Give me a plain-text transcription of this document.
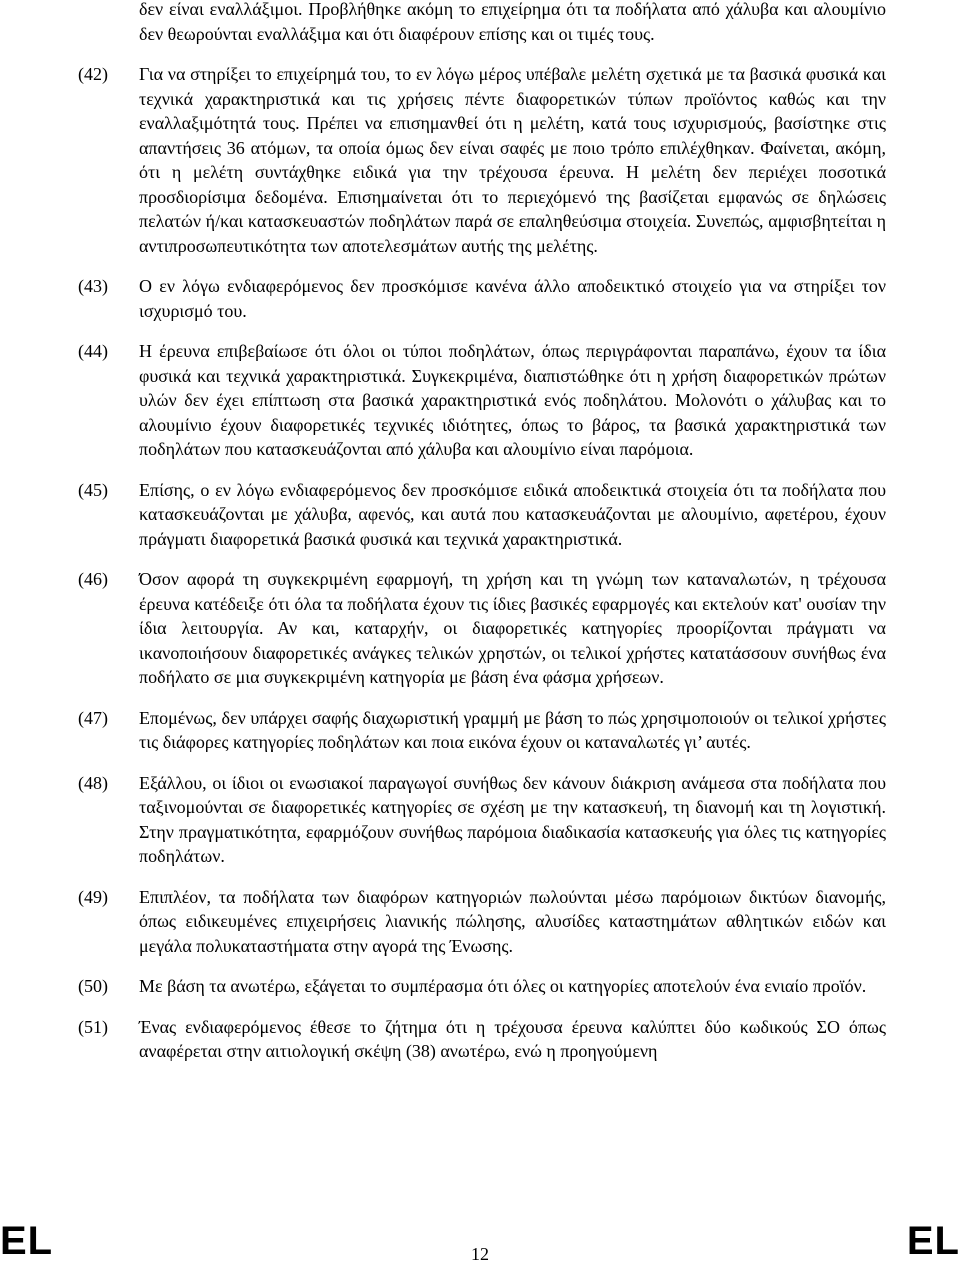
δεν είναι εναλλάξιμοι. Προβλήθηκε ακόμη το επιχείρημα ότι τα ποδήλατα από χάλυβα και αλουμίνιο δεν θεωρούνται εναλλάξιμα και ότι διαφέρουν επίσης και οι τιμές τους.
(42)	Για να στηρίξει το επιχείρημά του, το εν λόγω μέρος υπέβαλε μελέτη σχετικά με τα βασικά φυσικά και τεχνικά χαρακτηριστικά και τις χρήσεις πέντε διαφορετικών τύπων προϊόντος καθώς και την εναλλαξιμότητά τους. Πρέπει να επισημανθεί ότι η μελέτη, κατά τους ισχυρισμούς, βασίστηκε στις απαντήσεις 36 ατόμων, τα οποία όμως δεν είναι σαφές με ποιο τρόπο επιλέχθηκαν. Φαίνεται, ακόμη, ότι η μελέτη συντάχθηκε ειδικά για την τρέχουσα έρευνα. Η μελέτη δεν περιέχει ποσοτικά προσδιορίσιμα δεδομένα. Επισημαίνεται ότι το περιεχόμενό της βασίζεται εμφανώς σε δηλώσεις πελατών ή/και κατασκευαστών ποδηλάτων παρά σε επαληθεύσιμα στοιχεία. Συνεπώς, αμφισβητείται η αντιπροσωπευτικότητα των αποτελεσμάτων αυτής της μελέτης.
(43)	Ο εν λόγω ενδιαφερόμενος δεν προσκόμισε κανένα άλλο αποδεικτικό στοιχείο για να στηρίξει τον ισχυρισμό του.
(44)	Η έρευνα επιβεβαίωσε ότι όλοι οι τύποι ποδηλάτων, όπως περιγράφονται παραπάνω, έχουν τα ίδια φυσικά και τεχνικά χαρακτηριστικά. Συγκεκριμένα, διαπιστώθηκε ότι η χρήση διαφορετικών πρώτων υλών δεν έχει επίπτωση στα βασικά χαρακτηριστικά ενός ποδηλάτου. Μολονότι ο χάλυβας και το αλουμίνιο έχουν διαφορετικές τεχνικές ιδιότητες, όπως το βάρος, τα βασικά χαρακτηριστικά των ποδηλάτων που κατασκευάζονται από χάλυβα και αλουμίνιο είναι παρόμοια.
(45)	Επίσης, ο εν λόγω ενδιαφερόμενος δεν προσκόμισε ειδικά αποδεικτικά στοιχεία ότι τα ποδήλατα που κατασκευάζονται με χάλυβα, αφενός, και αυτά που κατασκευάζονται με αλουμίνιο, αφετέρου, έχουν πράγματι διαφορετικά βασικά φυσικά και τεχνικά χαρακτηριστικά.
(46)	Όσον αφορά τη συγκεκριμένη εφαρμογή, τη χρήση και τη γνώμη των καταναλωτών, η τρέχουσα έρευνα κατέδειξε ότι όλα τα ποδήλατα έχουν τις ίδιες βασικές εφαρμογές και εκτελούν κατ' ουσίαν την ίδια λειτουργία. Αν και, καταρχήν, οι διαφορετικές κατηγορίες προορίζονται πράγματι να ικανοποιήσουν διαφορετικές ανάγκες τελικών χρηστών, οι τελικοί χρήστες κατατάσσουν συνήθως ένα ποδήλατο σε μια συγκεκριμένη κατηγορία με βάση ένα φάσμα χρήσεων.
(47)	Επομένως, δεν υπάρχει σαφής διαχωριστική γραμμή με βάση το πώς χρησιμοποιούν οι τελικοί χρήστες τις διάφορες κατηγορίες ποδηλάτων και ποια εικόνα έχουν οι καταναλωτές γι’ αυτές.
(48)	Εξάλλου, οι ίδιοι οι ενωσιακοί παραγωγοί συνήθως δεν κάνουν διάκριση ανάμεσα στα ποδήλατα που ταξινομούνται σε διαφορετικές κατηγορίες σε σχέση με την κατασκευή, τη διανομή και τη λογιστική. Στην πραγματικότητα, εφαρμόζουν συνήθως παρόμοια διαδικασία κατασκευής για όλες τις κατηγορίες ποδηλάτων.
(49)	Επιπλέον, τα ποδήλατα των διαφόρων κατηγοριών πωλούνται μέσω παρόμοιων δικτύων διανομής, όπως ειδικευμένες επιχειρήσεις λιανικής πώλησης, αλυσίδες καταστημάτων αθλητικών ειδών και μεγάλα πολυκαταστήματα στην αγορά της Ένωσης.
(50)	Με βάση τα ανωτέρω, εξάγεται το συμπέρασμα ότι όλες οι κατηγορίες αποτελούν ένα ενιαίο προϊόν.
(51)	Ένας ενδιαφερόμενος έθεσε το ζήτημα ότι η τρέχουσα έρευνα καλύπτει δύο κωδικούς ΣΟ όπως αναφέρεται στην αιτιολογική σκέψη (38) ανωτέρω, ενώ η προηγούμενη
EL	12	EL
